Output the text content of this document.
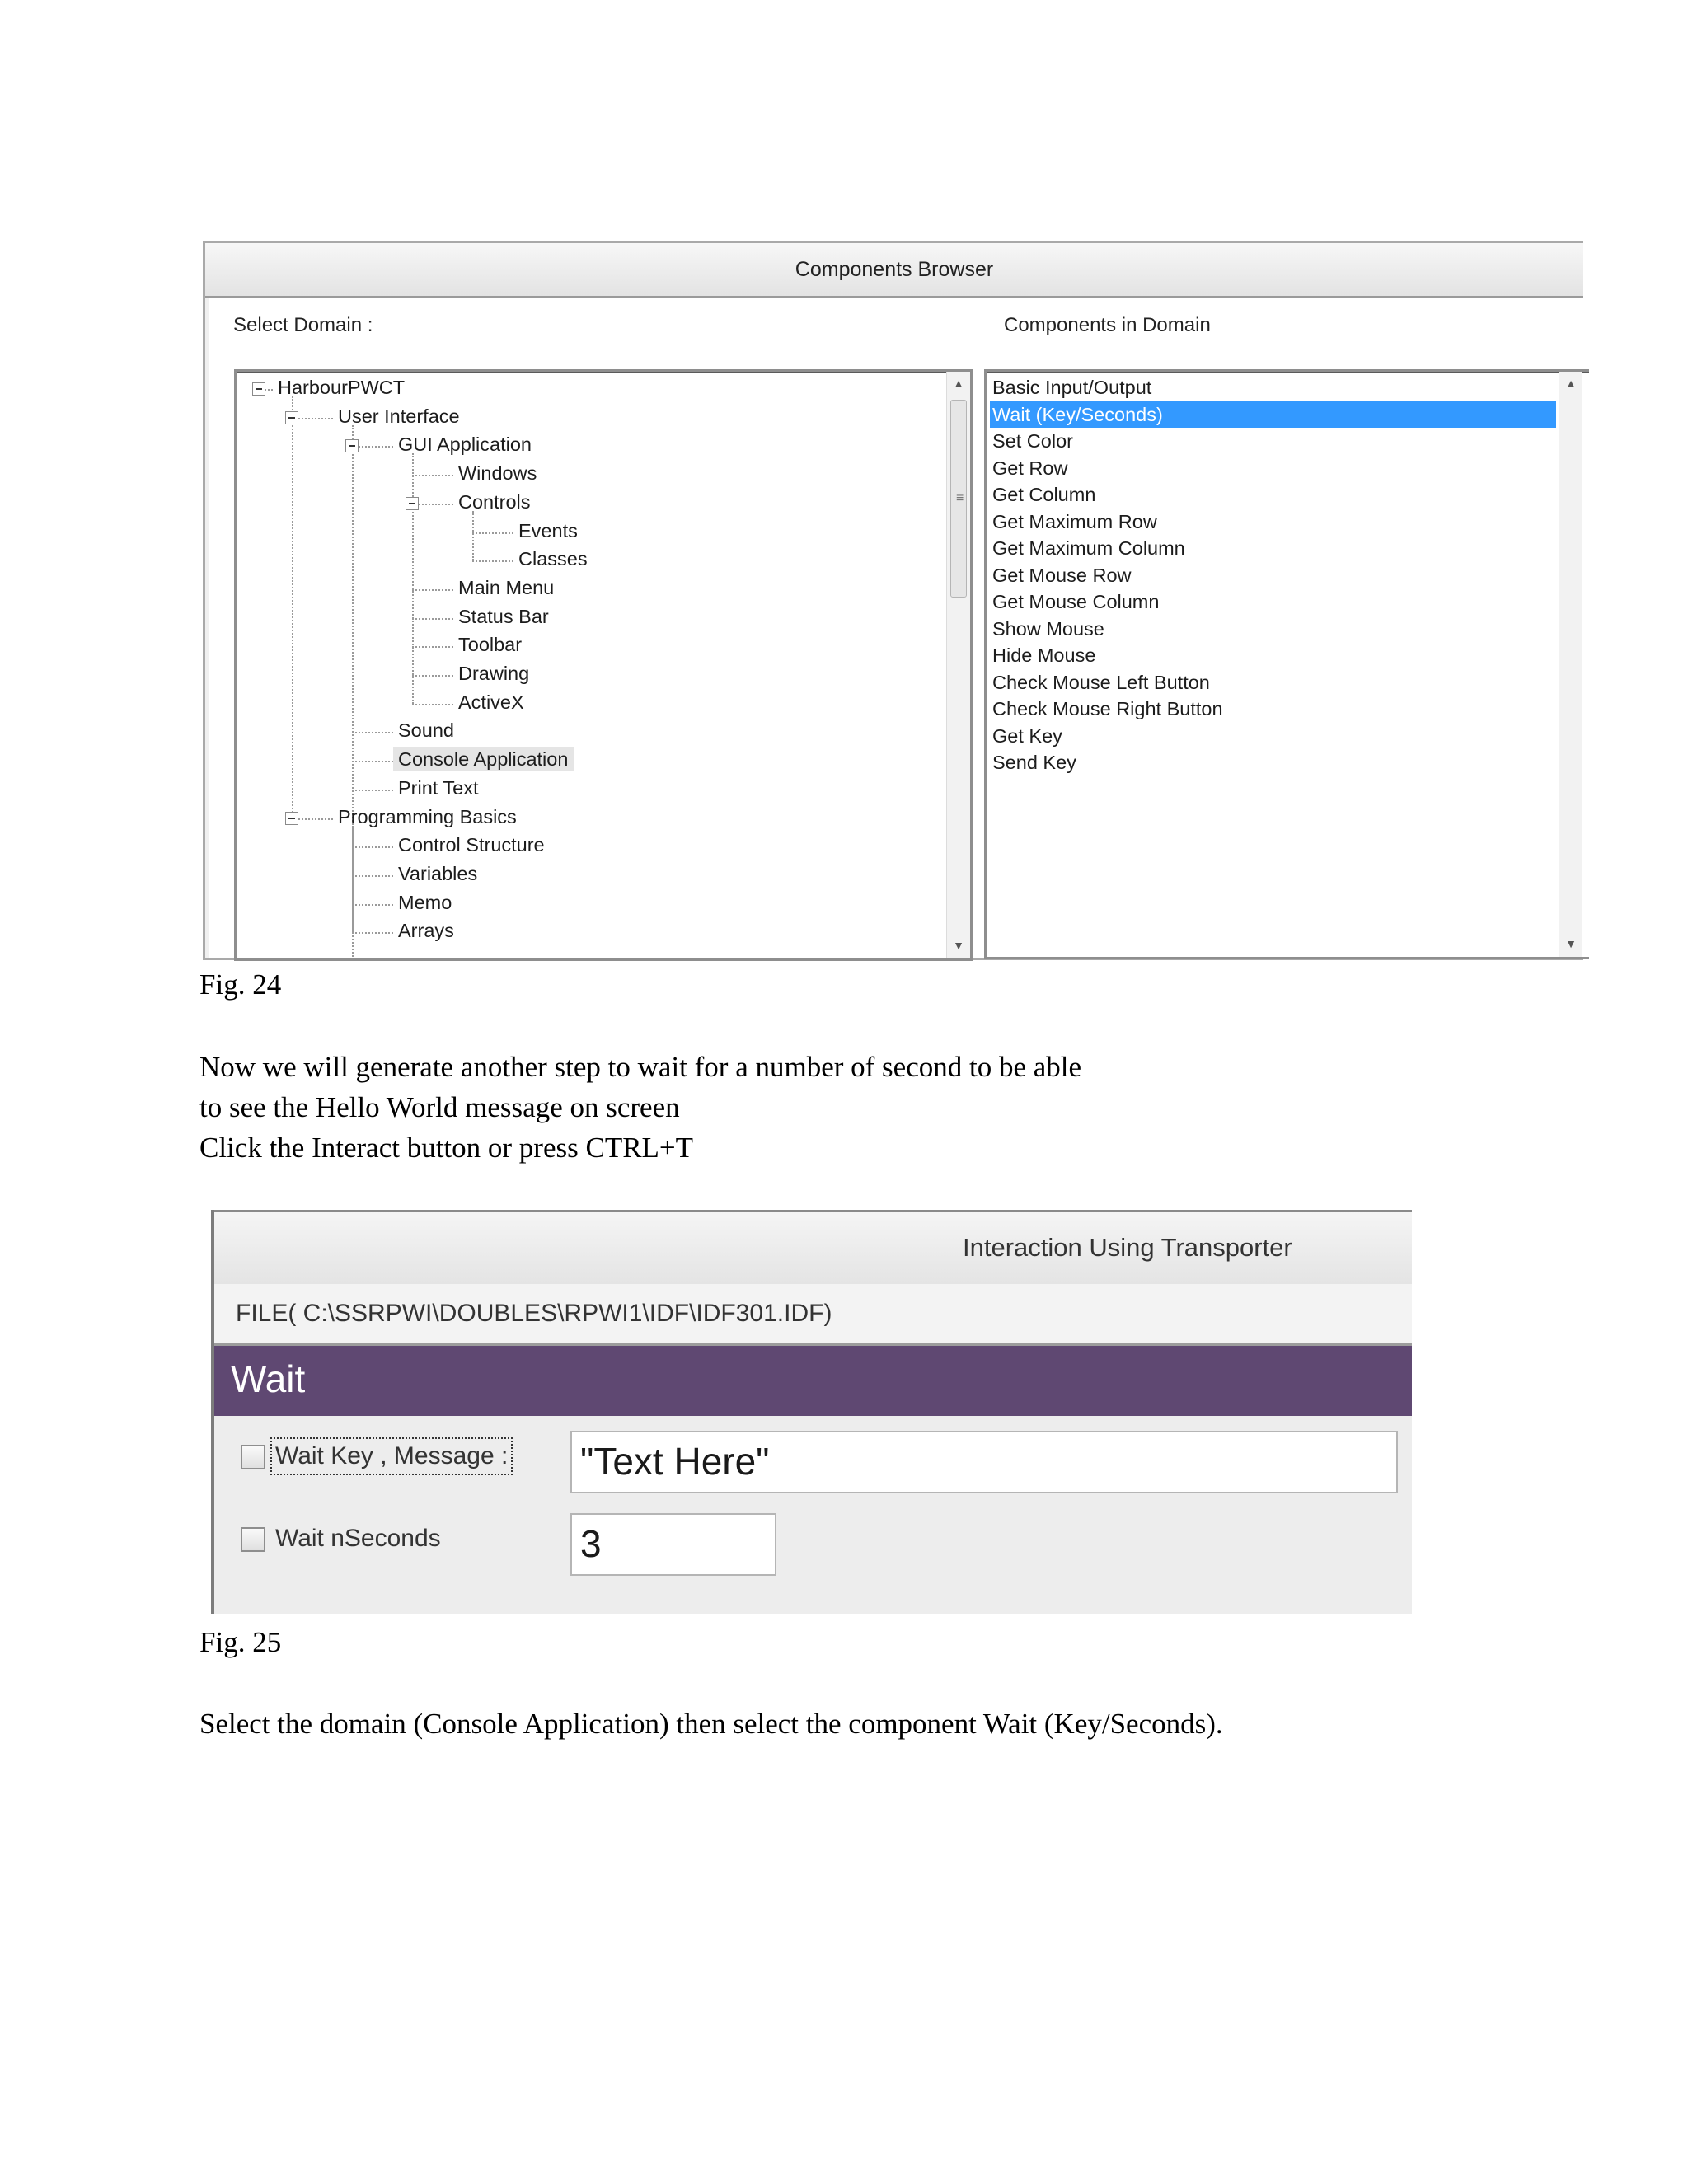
Components Browser
Select Domain :	Components in Domain
HarbourPWCT
User Interface
GUI Application
Windows
Controls
Events
Classes
Main Menu
Status Bar
Toolbar
Drawing
ActiveX
Sound
Console Application
Print Text
Programming Basics
Control Structure
Variables
Memo
Arrays
▲
≡
▼
Basic Input/Output
Wait (Key/Seconds)
Set Color
Get Row
Get Column
Get Maximum Row
Get Maximum Column
Get Mouse Row
Get Mouse Column
Show Mouse
Hide Mouse
Check Mouse Left Button
Check Mouse Right Button
Get Key
Send Key
▲
▼
Fig. 24
Now we will generate another step to wait for a number of second to be able
to see the Hello World message on screen
Click the Interact button or press CTRL+T
Interaction Using Transporter
FILE( C:\SSRPWI\DOUBLES\RPWI1\IDF\IDF301.IDF)
Wait
Wait Key , Message : "Text Here"
Wait nSeconds	3
Fig. 25
Select the domain (Console Application) then select the component Wait (Key/Seconds).
